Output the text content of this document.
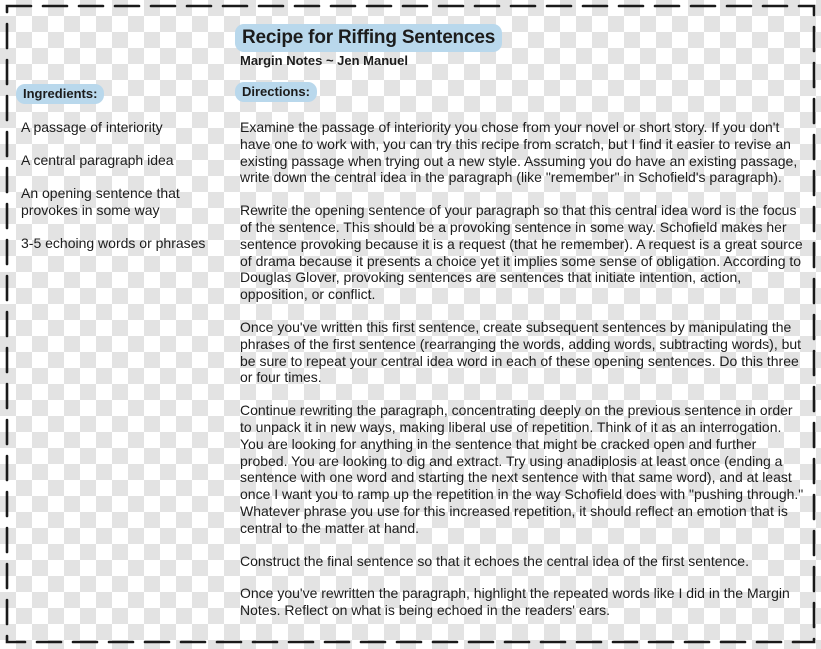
Recipe for Riffing Sentences
Margin Notes ~ Jen Manuel
Ingredients:	Directions:
A passage of interiority
A central paragraph idea
An opening sentence that provokes in some way
3-5 echoing words or phrases

Examine the passage of interiority you chose from your novel or short story. If you don't have one to work with, you can try this recipe from scratch, but I find it easier to revise an existing passage when trying out a new style. Assuming you do have an existing passage, write down the central idea in the paragraph (like "remember" in Schofield's paragraph).

Rewrite the opening sentence of your paragraph so that this central idea word is the focus of the sentence. This should be a provoking sentence in some way. Schofield makes her sentence provoking because it is a request (that he remember). A request is a great source of drama because it presents a choice yet it implies some sense of obligation. According to Douglas Glover, provoking sentences are sentences that initiate intention, action, opposition, or conflict.

Once you've written this first sentence, create subsequent sentences by manipulating the phrases of the first sentence (rearranging the words, adding words, subtracting words), but be sure to repeat your central idea word in each of these opening sentences. Do this three or four times.

Continue rewriting the paragraph, concentrating deeply on the previous sentence in order to unpack it in new ways, making liberal use of repetition. Think of it as an interrogation. You are looking for anything in the sentence that might be cracked open and further probed. You are looking to dig and extract. Try using anadiplosis at least once (ending a sentence with one word and starting the next sentence with that same word), and at least once I want you to ramp up the repetition in the way Schofield does with "pushing through." Whatever phrase you use for this increased repetition, it should reflect an emotion that is central to the matter at hand.

Construct the final sentence so that it echoes the central idea of the first sentence.

Once you've rewritten the paragraph, highlight the repeated words like I did in the Margin Notes. Reflect on what is being echoed in the readers' ears.
